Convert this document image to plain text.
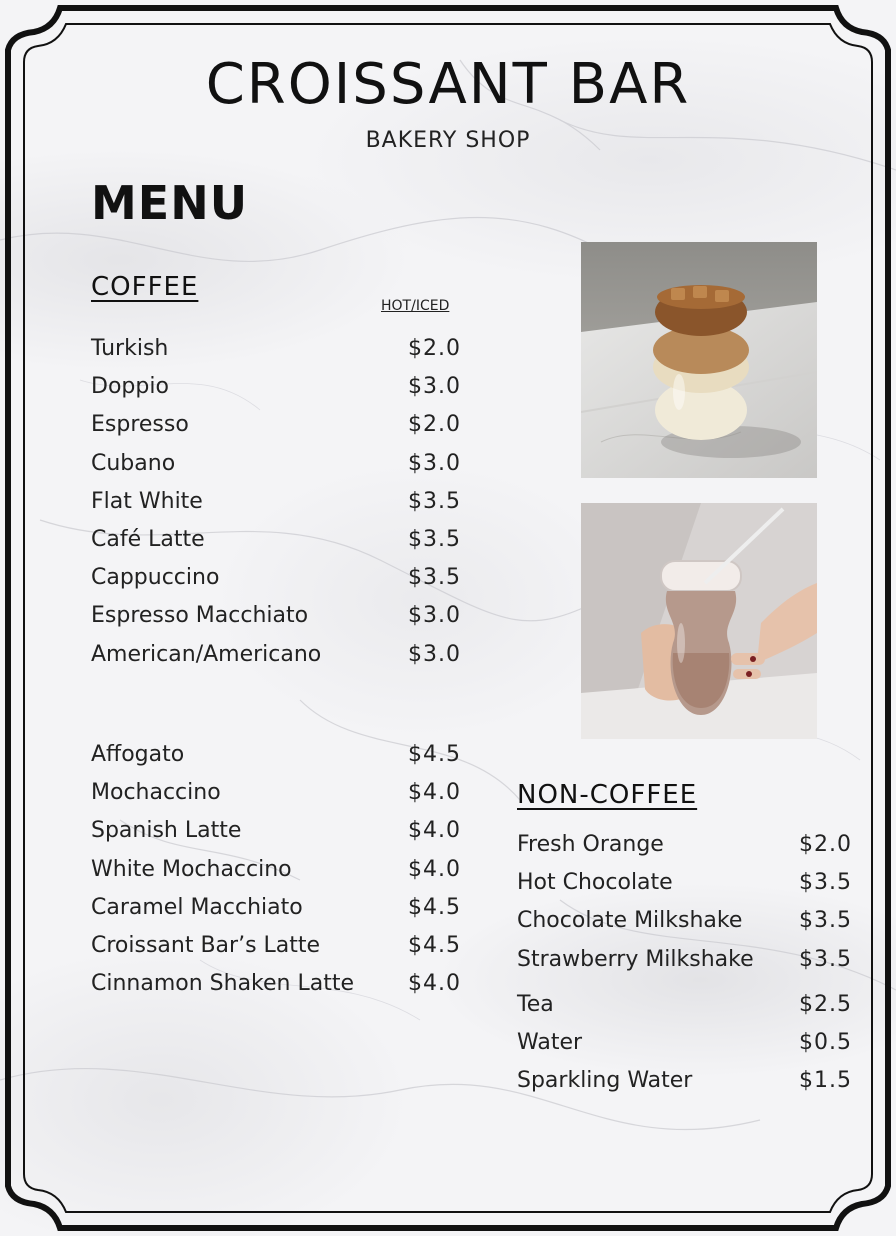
CROISSANT BAR
BAKERY SHOP
MENU
COFFEE
HOT/ICED
Turkish	$2.0
Doppio	$3.0
Espresso	$2.0
Cubano	$3.0
Flat White	$3.5
Café Latte	$3.5
Cappuccino	$3.5
Espresso Macchiato	$3.0
American/Americano	$3.0
Affogato	$4.5
Mochaccino	$4.0
Spanish Latte	$4.0
White Mochaccino	$4.0
Caramel Macchiato	$4.5
Croissant Bar’s Latte	$4.5
Cinnamon Shaken Latte $4.0
NON-COFFEE
Fresh Orange	$2.0
Hot Chocolate	$3.5
Chocolate Milkshake	$3.5
Strawberry Milkshake $3.5
Tea	$2.5
Water	$0.5
Sparkling Water	$1.5
